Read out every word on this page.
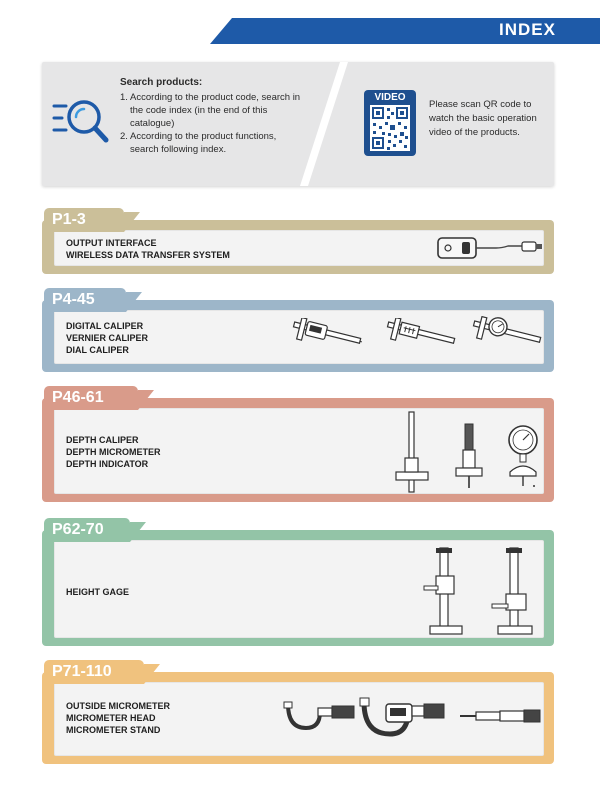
INDEX
Search products:
1. According to the product code, search in the code index (in the end of this catalogue)
2. According to the product functions, search following index.
VIDEO
Please scan QR code to watch the basic operation video of the products.
P1-3
OUTPUT INTERFACE
WIRELESS DATA TRANSFER SYSTEM
P4-45
DIGITAL CALIPER
VERNIER CALIPER
DIAL CALIPER
P46-61
DEPTH CALIPER
DEPTH MICROMETER
DEPTH INDICATOR
P62-70
HEIGHT GAGE
P71-110
OUTSIDE MICROMETER
MICROMETER HEAD
MICROMETER STAND
